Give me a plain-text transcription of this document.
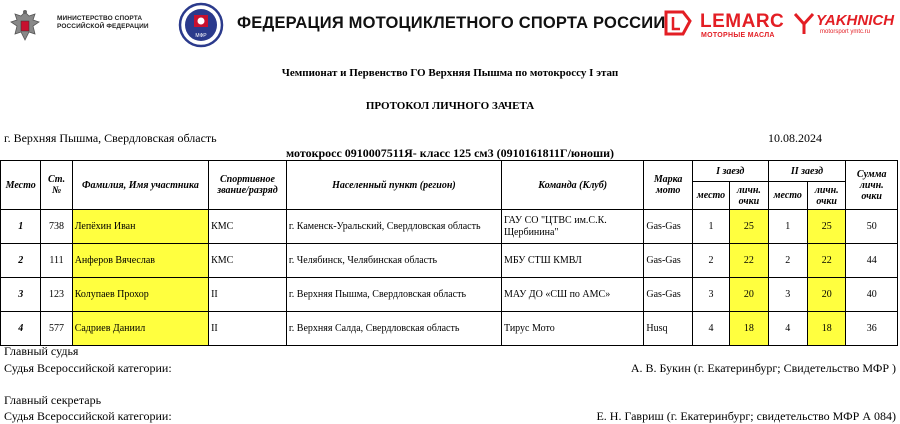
МИНИСТЕРСТВО СПОРТА
РОССИЙСКОЙ ФЕДЕРАЦИИ
МФР
ФЕДЕРАЦИЯ МОТОЦИКЛЕТНОГО СПОРТА РОССИИ LEMARC
МОТОРНЫЕ МАСЛА
YAKHNICH
motorsport ymtc.ru
Чемпионат и Первенство ГО Верхняя Пышма по мотокроссу I этап
ПРОТОКОЛ ЛИЧНОГО ЗАЧЕТА
г. Верхняя Пышма, Свердловская область	10.08.2024
мотокросс 0910007511Я- класс 125 см3 (0910161811Г/юноши)
Место	Ст. №	Фамилия, Имя участника	Спортивное звание/разряд	Населенный пункт (регион)	Команда (Клуб)	Марка мото	I заезд		II заезд		Сумма личн. очки
							место	личн. очки	место	личн. очки	
1	738	Лепёхин Иван	КМС	г. Каменск-Уральский, Свердловская область	ГАУ СО "ЦТВС им.С.К. Щербинина"	Gas-Gas	1	25	1	25	50
2	111	Анферов Вячеслав	КМС	г. Челябинск, Челябинская область	МБУ СТШ КМВЛ	Gas-Gas	2	22	2	22	44
3	123	Колупаев Прохор	II	г. Верхняя Пышма, Свердловская область	МАУ ДО «СШ по АМС»	Gas-Gas	3	20	3	20	40
4	577	Садриев Даниил	II	г. Верхняя Салда, Свердловская область	Тирус Мото	Husq	4	18	4	18	36
Главный судья
Судья Всероссийской категории:	А. В. Букин (г. Екатеринбург; Свидетельство МФР )
Главный секретарь
Судья Всероссийской категории:	Е. Н. Гавриш (г. Екатеринбург; свидетельство МФР А 084)
